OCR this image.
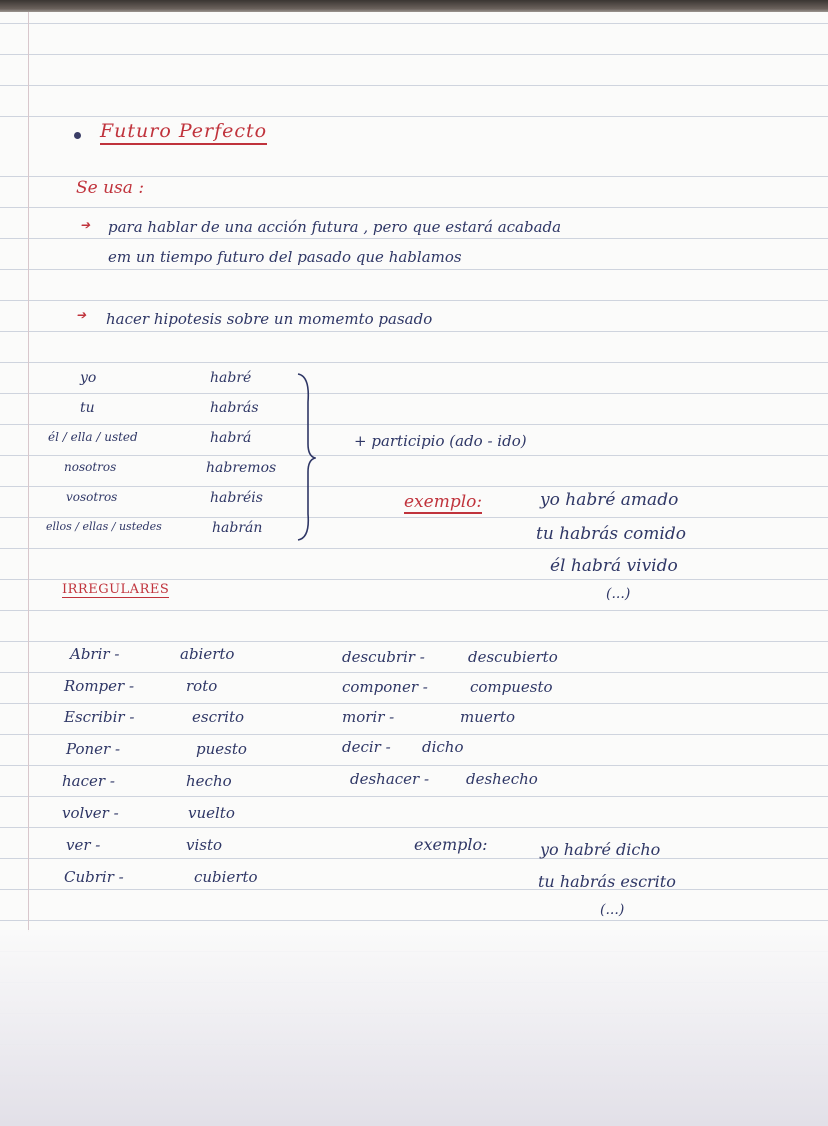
Futuro Perfecto
Se usa :
➔ para hablar de una acción futura , pero que estará acabada
em un tiempo futuro del pasado que hablamos
➔ hacer hipotesis sobre un momemto pasado
yo	habré
tu	habrás
él / ella / usted	habrá
nosotros	habremos
vosotros	habréis
ellos / ellas / ustedes	habrán
+ participio (ado - ido)
exemplo:	yo habré amado
tu habrás comido
él habrá vivido
(...)
IRREGULARES
Abrir -	abierto
Romper -	roto
Escribir -	escrito
Poner -	puesto
hacer -	hecho
volver -	vuelto
ver -	visto
Cubrir -	cubierto
descubrir -	descubierto
componer -	compuesto
morir -	muerto
decir - dicho
deshacer - deshecho
exemplo:	yo habré dicho
tu habrás escrito
(...)
